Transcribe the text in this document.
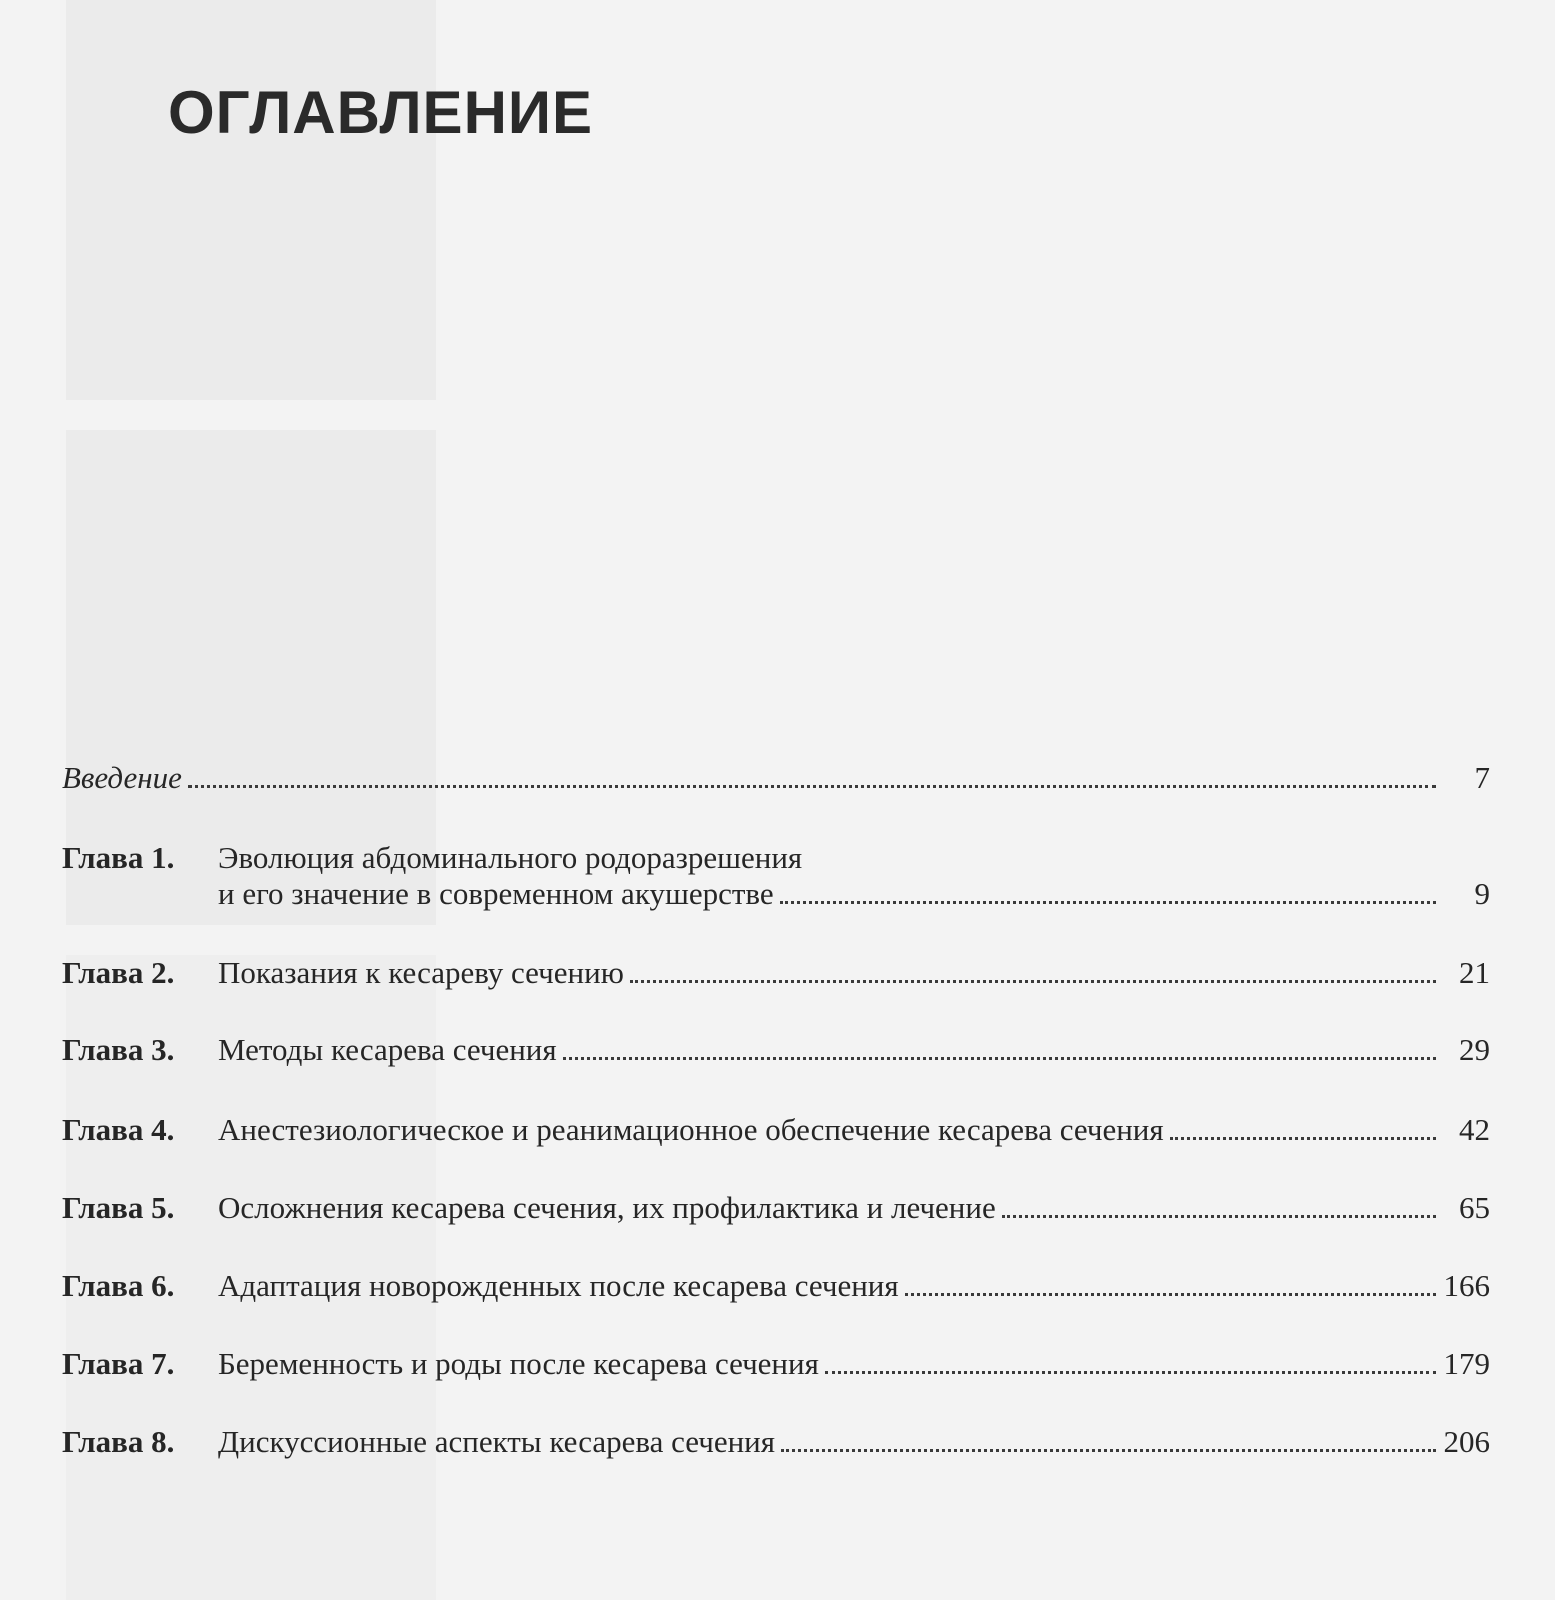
ОГЛАВЛЕНИЕ
Введение	7
Глава 1.	Эволюция абдоминального родоразрешения
и его значение в современном акушерстве	9
Глава 2.	Показания к кесареву сечению	21
Глава 3.	Методы кесарева сечения	29
Глава 4.	Анестезиологическое и реанимационное обеспечение кесарева сечения	42
Глава 5.	Осложнения кесарева сечения, их профилактика и лечение	65
Глава 6.	Адаптация новорожденных после кесарева сечения	166
Глава 7.	Беременность и роды после кесарева сечения	179
Глава 8.	Дискуссионные аспекты кесарева сечения	206
